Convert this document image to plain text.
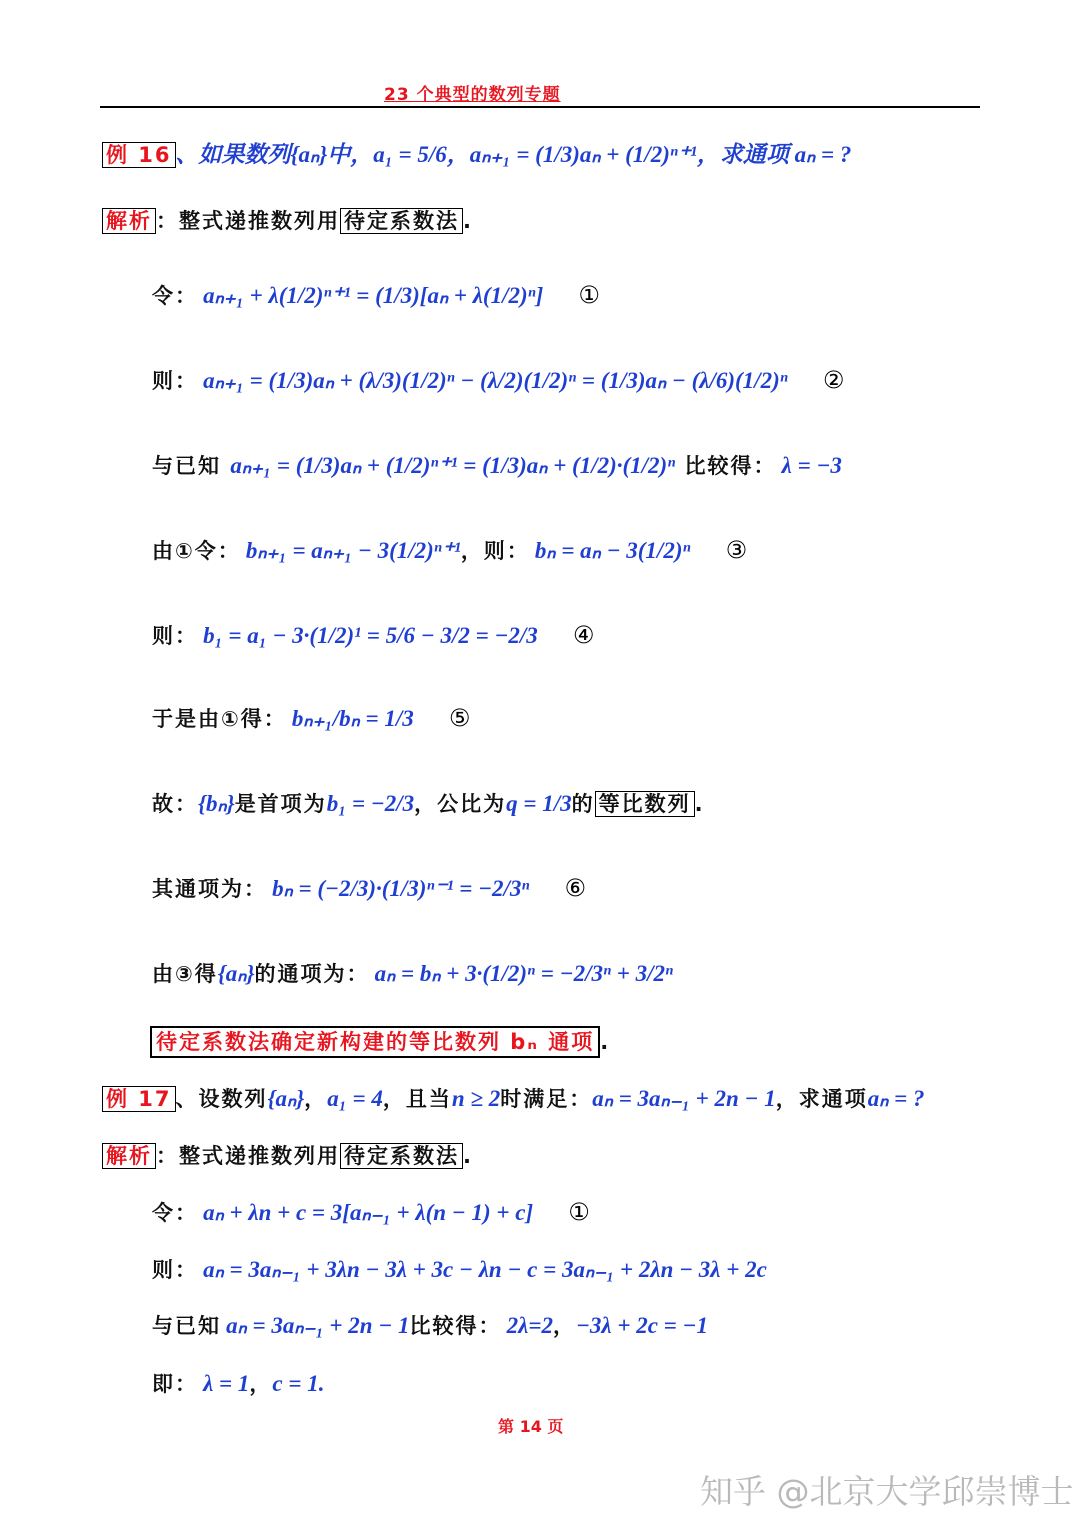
23 个典型的数列专题
例 16 、如果数列{aₙ}中，a₁ = 5/6，aₙ₊₁ = (1/3)aₙ + (1/2)ⁿ⁺¹，求通项 aₙ = ?
解析 ：整式递推数列用 待定系数法 .
令： aₙ₊₁ + λ(1/2)ⁿ⁺¹ = (1/3)[aₙ + λ(1/2)ⁿ] ①
则： aₙ₊₁ = (1/3)aₙ + (λ/3)(1/2)ⁿ − (λ/2)(1/2)ⁿ = (1/3)aₙ − (λ/6)(1/2)ⁿ ②
与已知 aₙ₊₁ = (1/3)aₙ + (1/2)ⁿ⁺¹ = (1/3)aₙ + (1/2)·(1/2)ⁿ 比较得： λ = −3
由①令： bₙ₊₁ = aₙ₊₁ − 3(1/2)ⁿ⁺¹，则： bₙ = aₙ − 3(1/2)ⁿ ③
则： b₁ = a₁ − 3·(1/2)¹ = 5/6 − 3/2 = −2/3 ④
于是由①得： bₙ₊₁/bₙ = 1/3 ⑤
故：{bₙ}是首项为b₁ = −2/3，公比为q = 1/3的 等比数列 .
其通项为： bₙ = (−2/3)·(1/3)ⁿ⁻¹ = −2/3ⁿ ⑥
由③得{aₙ}的通项为： aₙ = bₙ + 3·(1/2)ⁿ = −2/3ⁿ + 3/2ⁿ
待定系数法确定新构建的等比数列 bₙ 通项 .
例 17 、设数列{aₙ}，a₁ = 4，且当n ≥ 2时满足：aₙ = 3aₙ₋₁ + 2n − 1，求通项aₙ = ?
解析 ：整式递推数列用 待定系数法 .
令： aₙ + λn + c = 3[aₙ₋₁ + λ(n − 1) + c] ①
则： aₙ = 3aₙ₋₁ + 3λn − 3λ + 3c − λn − c = 3aₙ₋₁ + 2λn − 3λ + 2c
与已知 aₙ = 3aₙ₋₁ + 2n − 1比较得： 2λ=2，−3λ + 2c = −1
即： λ = 1，c = 1.
第 14 页
知乎 @北京大学邱崇博士
